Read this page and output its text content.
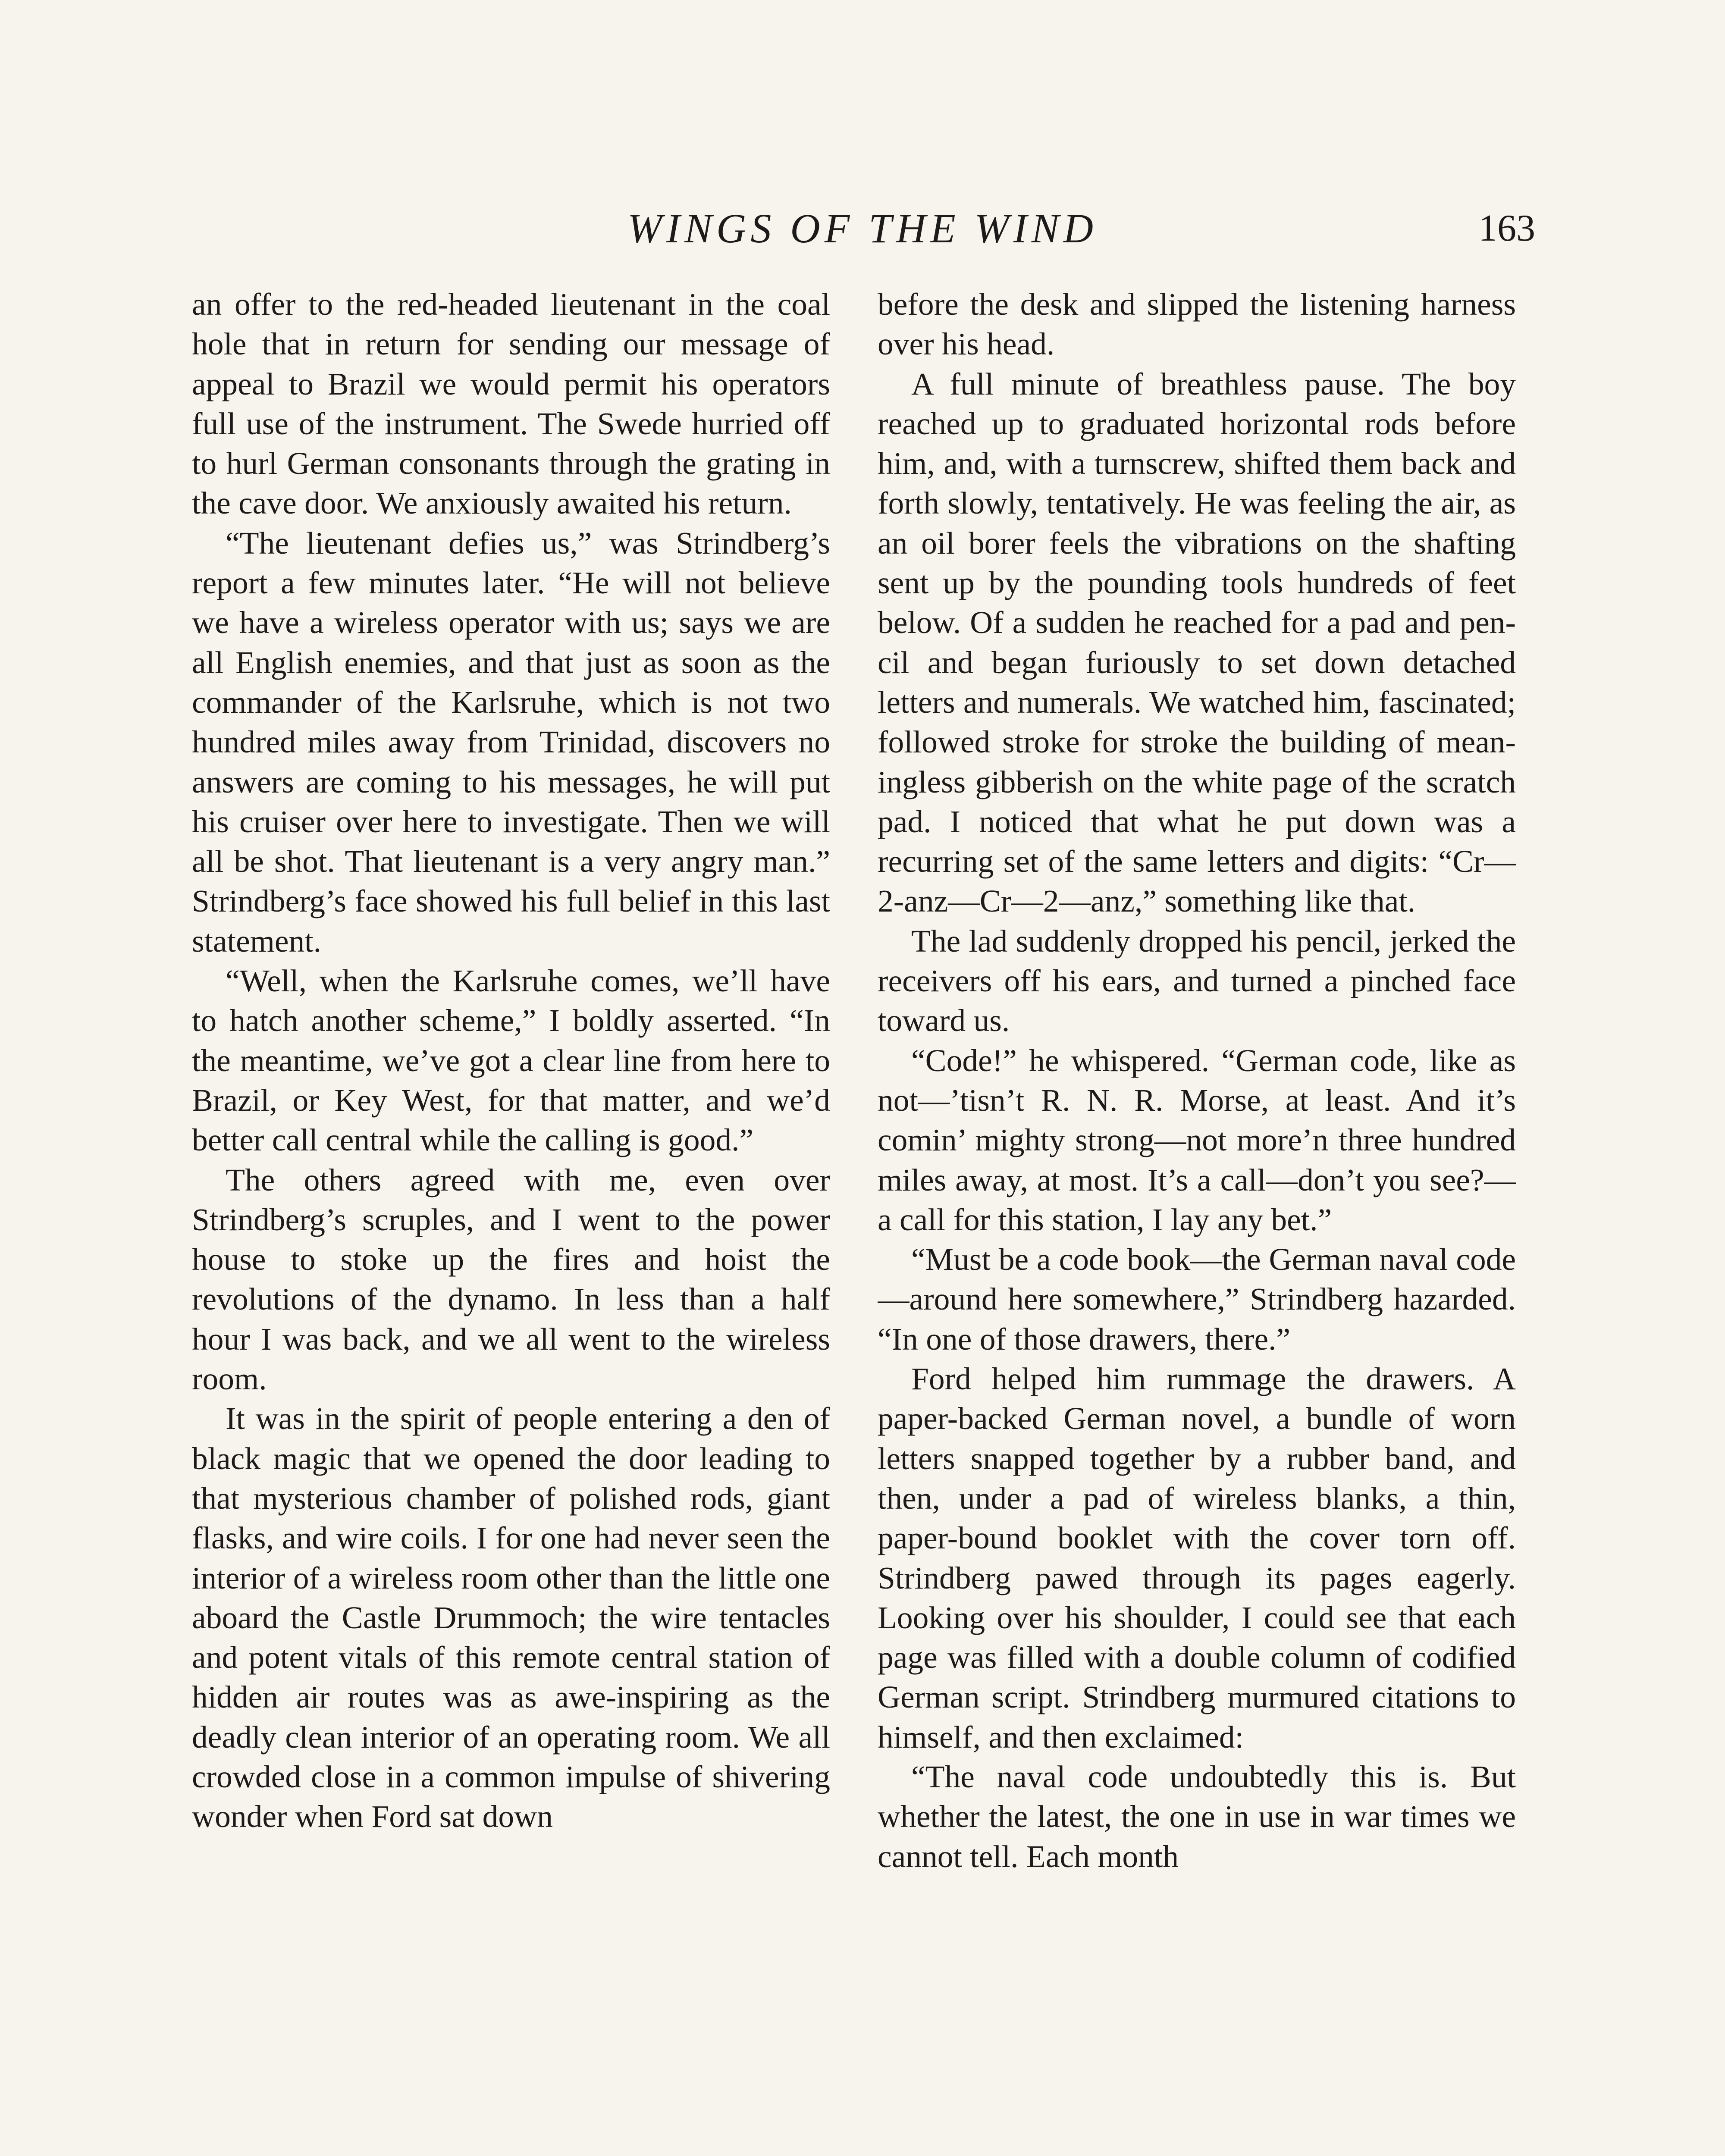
WINGS OF THE WIND	163

an offer to the red-headed lieutenant in the coal hole that in return for sending our message of appeal to Brazil we would permit his operators full use of the instrument. The Swede hurried off to hurl German consonants through the grating in the cave door. We anxiously awaited his return.

“The lieutenant defies us,” was Strindberg’s report a few minutes later. “He will not believe we have a wireless operator with us; says we are all English enemies, and that just as soon as the commander of the Karlsruhe, which is not two hundred miles away from Trinidad, discovers no answers are coming to his messages, he will put his cruiser over here to investigate. Then we will all be shot. That lieutenant is a very angry man.” Strindberg’s face showed his full belief in this last statement.

“Well, when the Karlsruhe comes, we’ll have to hatch another scheme,” I boldly asserted. “In the meantime, we’ve got a clear line from here to Brazil, or Key West, for that matter, and we’d better call central while the calling is good.”

The others agreed with me, even over Strindberg’s scruples, and I went to the power house to stoke up the fires and hoist the revolutions of the dynamo. In less than a half hour I was back, and we all went to the wireless room.

It was in the spirit of people entering a den of black magic that we opened the door leading to that mysterious chamber of polished rods, giant flasks, and wire coils. I for one had never seen the interior of a wireless room other than the little one aboard the Castle Drummoch; the wire tentacles and potent vitals of this remote central station of hidden air routes was as awe-inspiring as the deadly clean interior of an operating room. We all crowded close in a common impulse of shivering wonder when Ford sat down

before the desk and slipped the listening harness over his head.

A full minute of breathless pause. The boy reached up to graduated horizontal rods before him, and, with a turnscrew, shifted them back and forth slowly, tentatively. He was feeling the air, as an oil borer feels the vibrations on the shafting sent up by the pounding tools hundreds of feet below. Of a sudden he reached for a pad and pencil and began furiously to set down detached letters and numerals. We watched him, fascinated; followed stroke for stroke the building of meaningless gibberish on the white page of the scratch pad. I noticed that what he put down was a recurring set of the same letters and digits: “Cr—2-anz—Cr—2—anz,” something like that.

The lad suddenly dropped his pencil, jerked the receivers off his ears, and turned a pinched face toward us.

“Code!” he whispered. “German code, like as not—’tisn’t R. N. R. Morse, at least. And it’s comin’ mighty strong—not more’n three hundred miles away, at most. It’s a call—don’t you see?—a call for this station, I lay any bet.”

“Must be a code book—the German naval code—around here somewhere,” Strindberg hazarded. “In one of those drawers, there.”

Ford helped him rummage the drawers. A paper-backed German novel, a bundle of worn letters snapped together by a rubber band, and then, under a pad of wireless blanks, a thin, paper-bound booklet with the cover torn off. Strindberg pawed through its pages eagerly. Looking over his shoulder, I could see that each page was filled with a double column of codified German script. Strindberg murmured citations to himself, and then exclaimed:

“The naval code undoubtedly this is. But whether the latest, the one in use in war times we cannot tell. Each month
